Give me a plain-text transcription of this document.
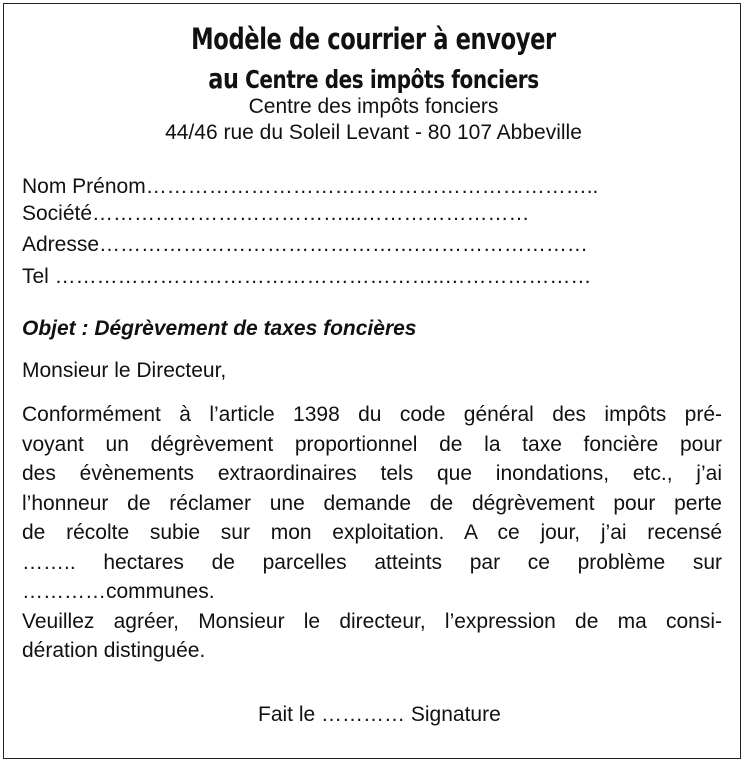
Modèle de courrier à envoyer
au Centre des impôts fonciers
Centre des impôts fonciers
44/46 rue du Soleil Levant - 80 107 Abbeville
Nom Prénom………………………………………………………..
Société………………………………...……………………
Adresse……………………………………….……………………
Tel ………………………………………………..…………………
Objet : Dégrèvement de taxes foncières
Monsieur le Directeur,
Conformément à l’article 1398 du code général des impôts pré-
voyant un dégrèvement proportionnel de la taxe foncière pour
des évènements extraordinaires tels que inondations, etc., j’ai
l’honneur de réclamer une demande de dégrèvement pour perte
de récolte subie sur mon exploitation. A ce jour, j’ai recensé
…….. hectares de parcelles atteints par ce problème sur
…………communes.
Veuillez agréer, Monsieur le directeur, l’expression de ma consi-
dération distinguée.
Fait le ………… Signature
